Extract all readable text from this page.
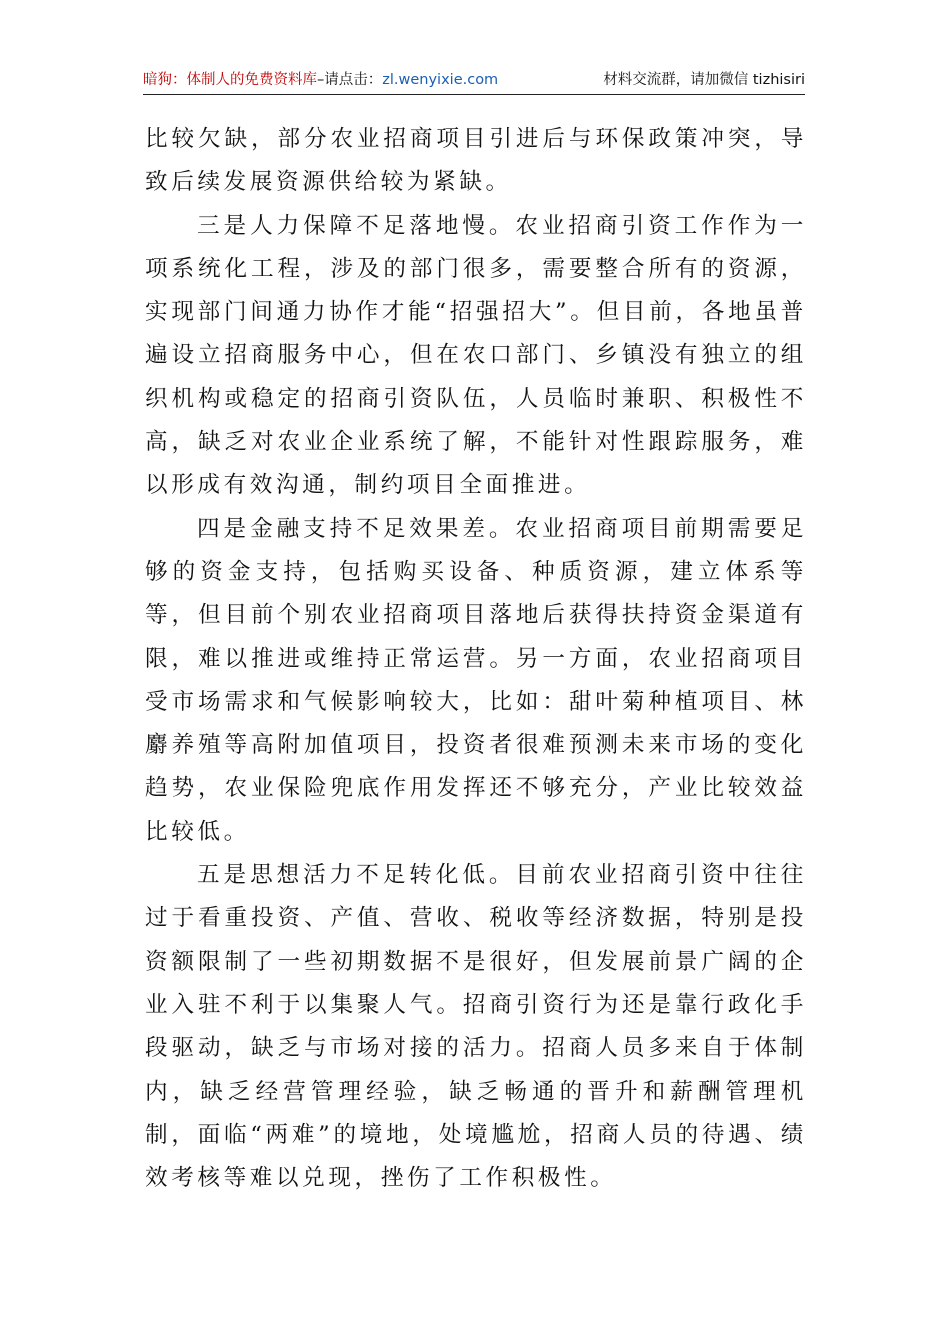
暗狗：体制人的免费资料库–请点击：zl.wenyixie.com	材料交流群，请加微信 tizhisiri

比较欠缺，部分农业招商项目引进后与环保政策冲突，导致后续发展资源供给较为紧缺。

三是人力保障不足落地慢。农业招商引资工作作为一项系统化工程，涉及的部门很多，需要整合所有的资源，实现部门间通力协作才能“招强招大”。但目前，各地虽普遍设立招商服务中心，但在农口部门、乡镇没有独立的组织机构或稳定的招商引资队伍，人员临时兼职、积极性不高，缺乏对农业企业系统了解，不能针对性跟踪服务，难以形成有效沟通，制约项目全面推进。

四是金融支持不足效果差。农业招商项目前期需要足够的资金支持，包括购买设备、种质资源，建立体系等等，但目前个别农业招商项目落地后获得扶持资金渠道有限，难以推进或维持正常运营。另一方面，农业招商项目受市场需求和气候影响较大，比如：甜叶菊种植项目、林麝养殖等高附加值项目，投资者很难预测未来市场的变化趋势，农业保险兜底作用发挥还不够充分，产业比较效益比较低。

五是思想活力不足转化低。目前农业招商引资中往往过于看重投资、产值、营收、税收等经济数据，特别是投资额限制了一些初期数据不是很好，但发展前景广阔的企业入驻不利于以集聚人气。招商引资行为还是靠行政化手段驱动，缺乏与市场对接的活力。招商人员多来自于体制内，缺乏经营管理经验，缺乏畅通的晋升和薪酬管理机制，面临“两难”的境地，处境尴尬，招商人员的待遇、绩效考核等难以兑现，挫伤了工作积极性。
